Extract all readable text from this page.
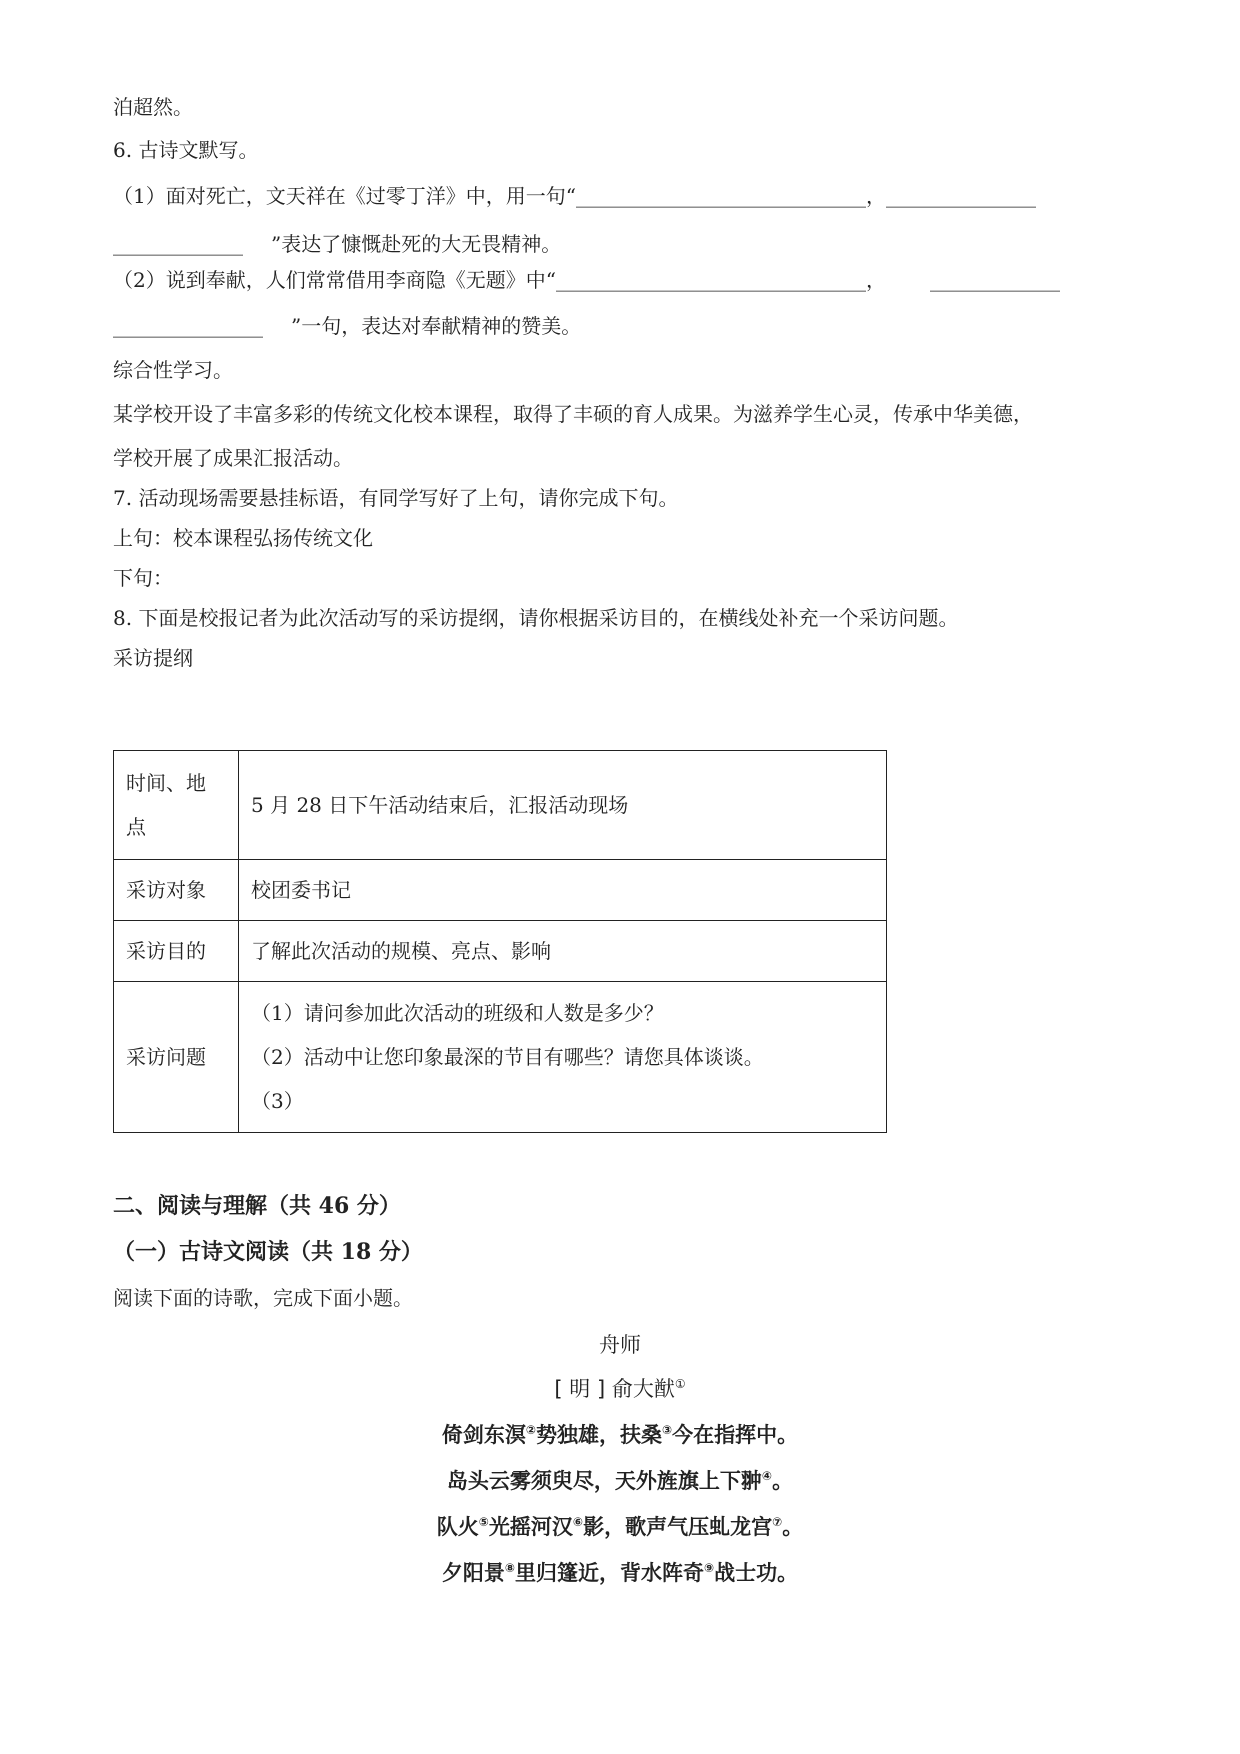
泊超然。
6. 古诗文默写。
（1）面对死亡，文天祥在《过零丁洋》中，用一句“_____________________________，_______________
_____________ ”表达了慷慨赴死的大无畏精神。
（2）说到奉献，人们常常借用李商隐《无题》中“_______________________________， _____________
_______________ ”一句，表达对奉献精神的赞美。
综合性学习。
某学校开设了丰富多彩的传统文化校本课程，取得了丰硕的育人成果。为滋养学生心灵，传承中华美德，
学校开展了成果汇报活动。
7. 活动现场需要悬挂标语，有同学写好了上句，请你完成下句。
上句：校本课程弘扬传统文化
下句：
8. 下面是校报记者为此次活动写的采访提纲，请你根据采访目的，在横线处补充一个采访问题。
采访提纲
时间、地
点	5 月 28 日下午活动结束后，汇报活动现场
采访对象	校团委书记
采访目的	了解此次活动的规模、亮点、影响
采访问题	（1）请问参加此次活动的班级和人数是多少？
（2）活动中让您印象最深的节目有哪些？请您具体谈谈。
（3）
二、阅读与理解（共 46 分）
（一）古诗文阅读（共 18 分）
阅读下面的诗歌，完成下面小题。
舟师
[ 明 ] 俞大猷①
倚剑东溟②势独雄，扶桑③今在指挥中。
岛头云雾须臾尽，天外旌旗上下翀④。
队火⑤光摇河汉⑥影，歌声气压虬龙宫⑦。
夕阳景⑧里归篷近，背水阵奇⑨战士功。
